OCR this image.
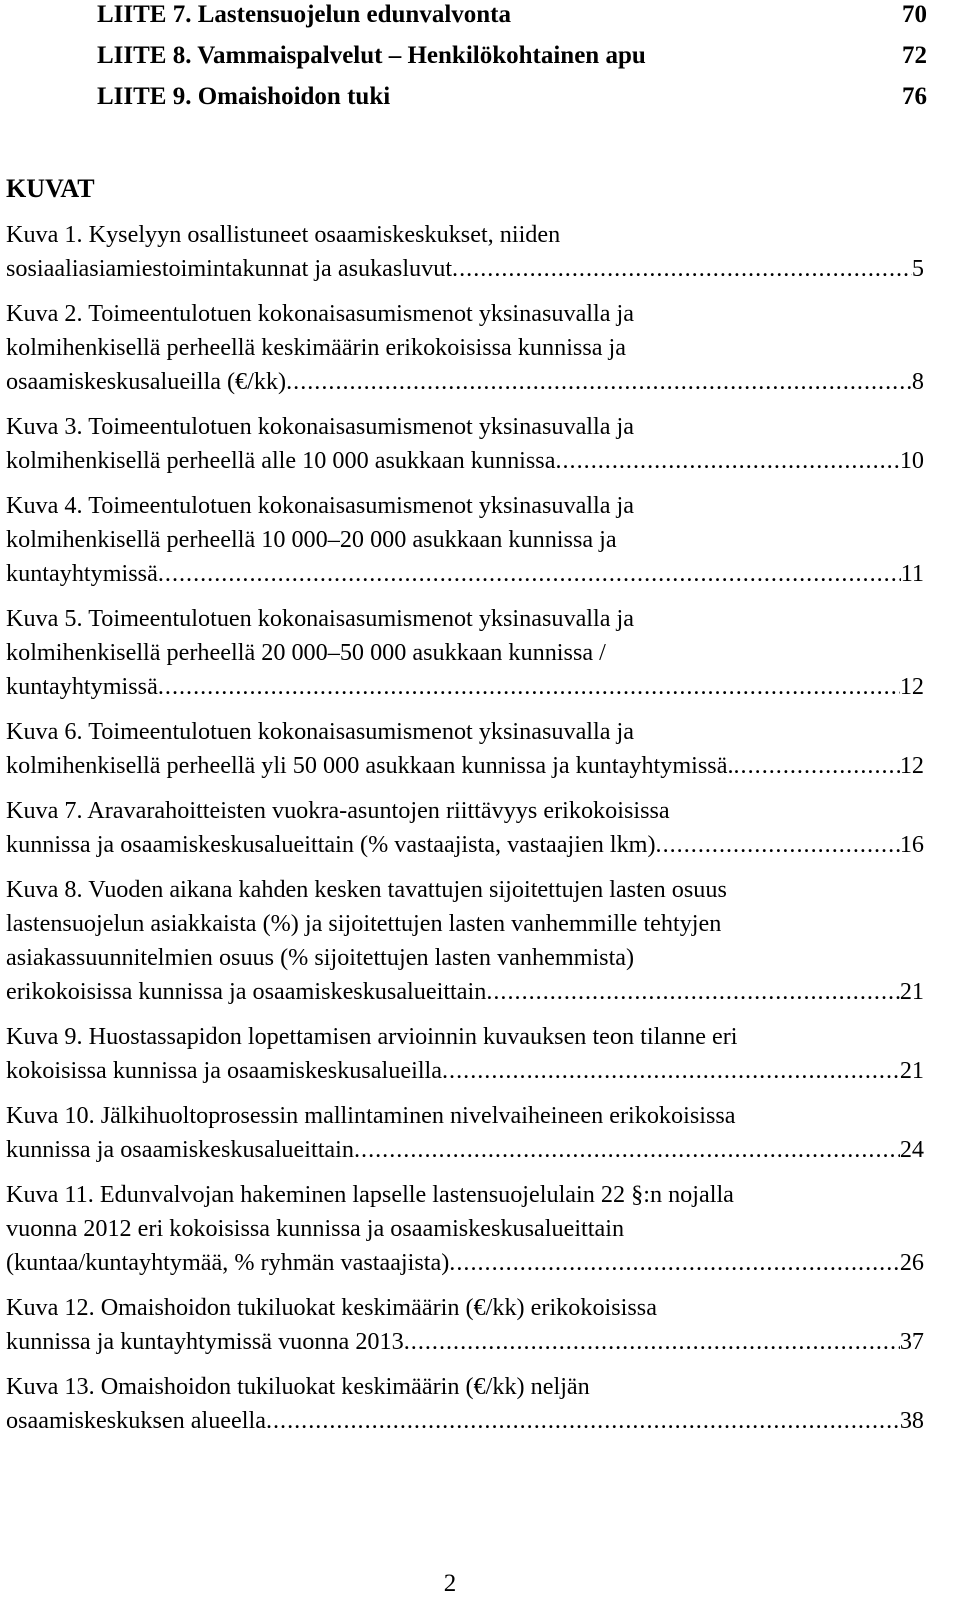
LIITE 7. Lastensuojelun edunvalvonta	70
LIITE 8. Vammaispalvelut – Henkilökohtainen apu	72
LIITE 9. Omaishoidon tuki	76
KUVAT
Kuva 1. Kyselyyn osallistuneet osaamiskeskukset, niiden
sosiaaliasiamiestoimintakunnat ja asukasluvut .....	5
Kuva 2. Toimeentulotuen kokonaisasumismenot yksinasuvalla ja
kolmihenkisellä perheellä keskimäärin erikokoisissa kunnissa ja
osaamiskeskusalueilla (€/kk) .....	8
Kuva 3. Toimeentulotuen kokonaisasumismenot yksinasuvalla ja
kolmihenkisellä perheellä alle 10 000 asukkaan kunnissa .....	10
Kuva 4. Toimeentulotuen kokonaisasumismenot yksinasuvalla ja
kolmihenkisellä perheellä 10 000–20 000 asukkaan kunnissa ja
kuntayhtymissä .....	11
Kuva 5. Toimeentulotuen kokonaisasumismenot yksinasuvalla ja
kolmihenkisellä perheellä 20 000–50 000 asukkaan kunnissa /
kuntayhtymissä .....	12
Kuva 6. Toimeentulotuen kokonaisasumismenot yksinasuvalla ja
kolmihenkisellä perheellä yli 50 000 asukkaan kunnissa ja kuntayhtymissä. .....	12
Kuva 7. Aravarahoitteisten vuokra-asuntojen riittävyys erikokoisissa
kunnissa ja osaamiskeskusalueittain (% vastaajista, vastaajien lkm) .....	16
Kuva 8. Vuoden aikana kahden kesken tavattujen sijoitettujen lasten osuus
lastensuojelun asiakkaista (%) ja sijoitettujen lasten vanhemmille tehtyjen
asiakassuunnitelmien osuus (% sijoitettujen lasten vanhemmista)
erikokoisissa kunnissa ja osaamiskeskusalueittain .....	21
Kuva 9. Huostassapidon lopettamisen arvioinnin kuvauksen teon tilanne eri
kokoisissa kunnissa ja osaamiskeskusalueilla .....	21
Kuva 10. Jälkihuoltoprosessin mallintaminen nivelvaiheineen erikokoisissa
kunnissa ja osaamiskeskusalueittain .....	24
Kuva 11. Edunvalvojan hakeminen lapselle lastensuojelulain 22 §:n nojalla
vuonna 2012 eri kokoisissa kunnissa ja osaamiskeskusalueittain
(kuntaa/kuntayhtymää, % ryhmän vastaajista) .....	26
Kuva 12. Omaishoidon tukiluokat keskimäärin (€/kk) erikokoisissa
kunnissa ja kuntayhtymissä vuonna 2013 .....	37
Kuva 13. Omaishoidon tukiluokat keskimäärin (€/kk) neljän
osaamiskeskuksen alueella .....	38
2
